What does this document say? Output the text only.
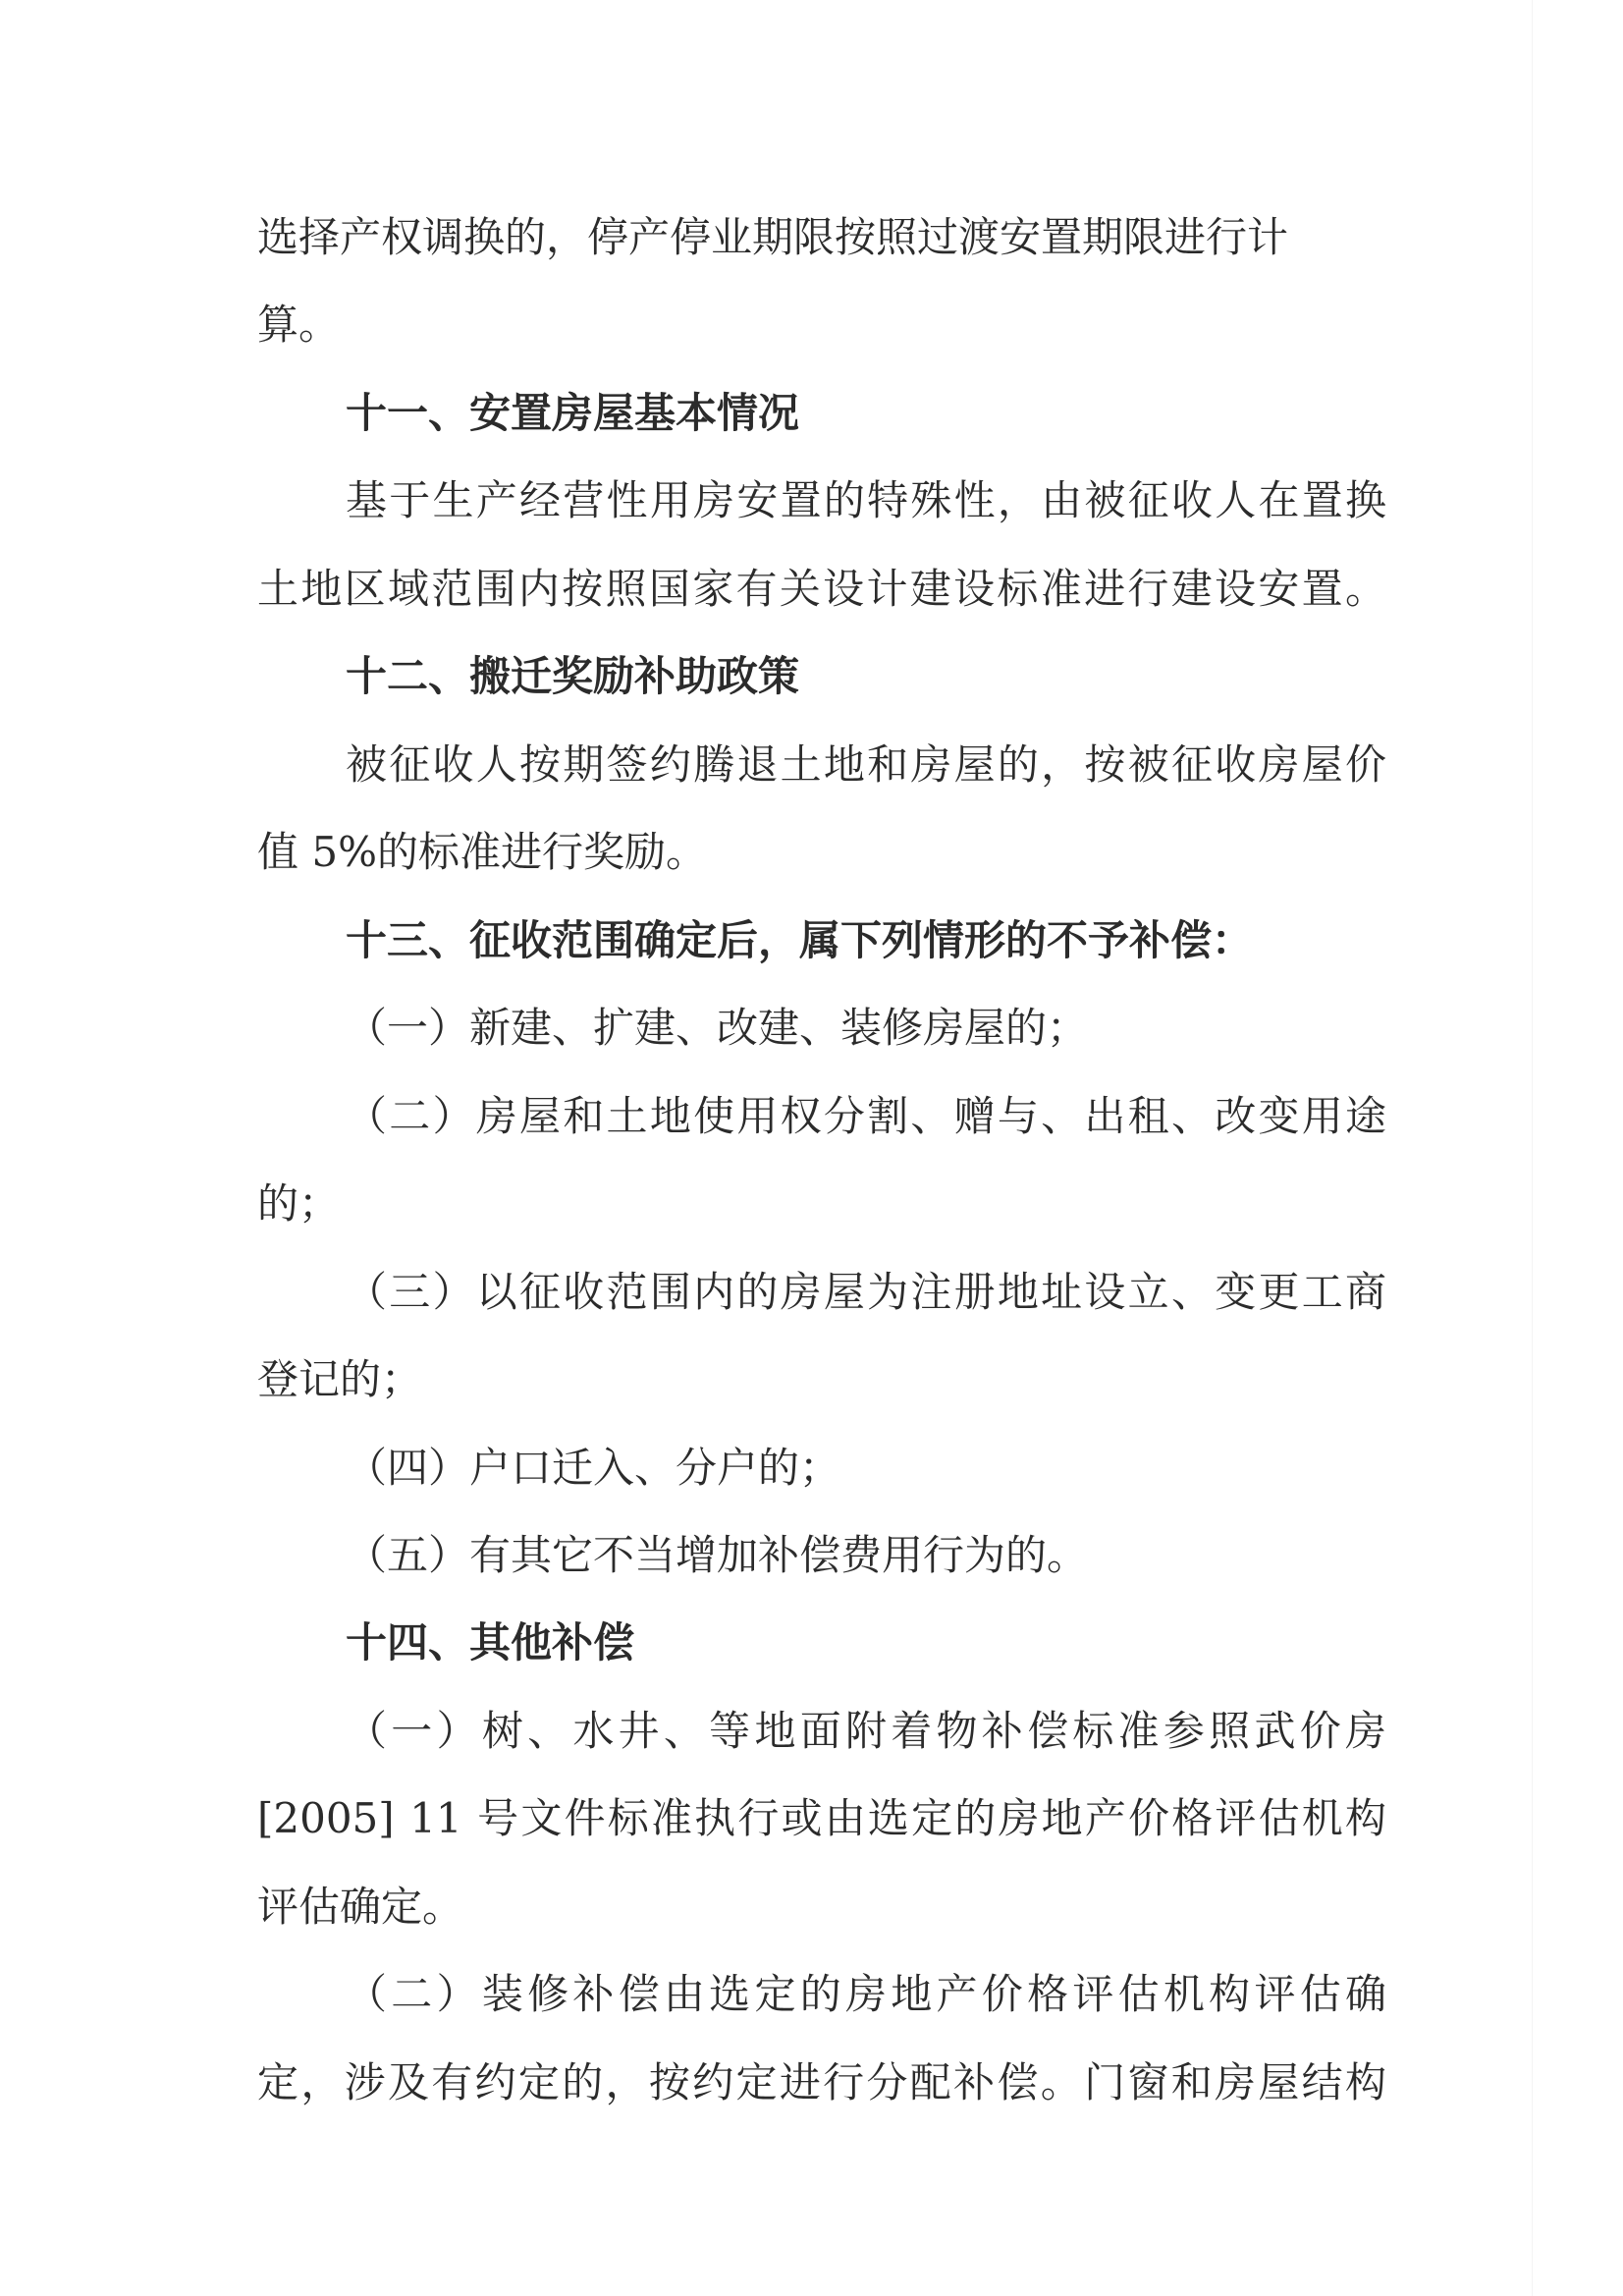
选择产权调换的，停产停业期限按照过渡安置期限进行计
算。
十一、安置房屋基本情况
基于生产经营性用房安置的特殊性，由被征收人在置换
土地区域范围内按照国家有关设计建设标准进行建设安置。
十二、搬迁奖励补助政策
被征收人按期签约腾退土地和房屋的，按被征收房屋价
值 5%的标准进行奖励。
十三、征收范围确定后，属下列情形的不予补偿：
（一）新建、扩建、改建、装修房屋的；
（二）房屋和土地使用权分割、赠与、出租、改变用途
的；
（三）以征收范围内的房屋为注册地址设立、变更工商
登记的；
（四）户口迁入、分户的；
（五）有其它不当增加补偿费用行为的。
十四、其他补偿
（一）树、水井、等地面附着物补偿标准参照武价房
[2005] 11 号文件标准执行或由选定的房地产价格评估机构
评估确定。
（二）装修补偿由选定的房地产价格评估机构评估确
定，涉及有约定的，按约定进行分配补偿。门窗和房屋结构
